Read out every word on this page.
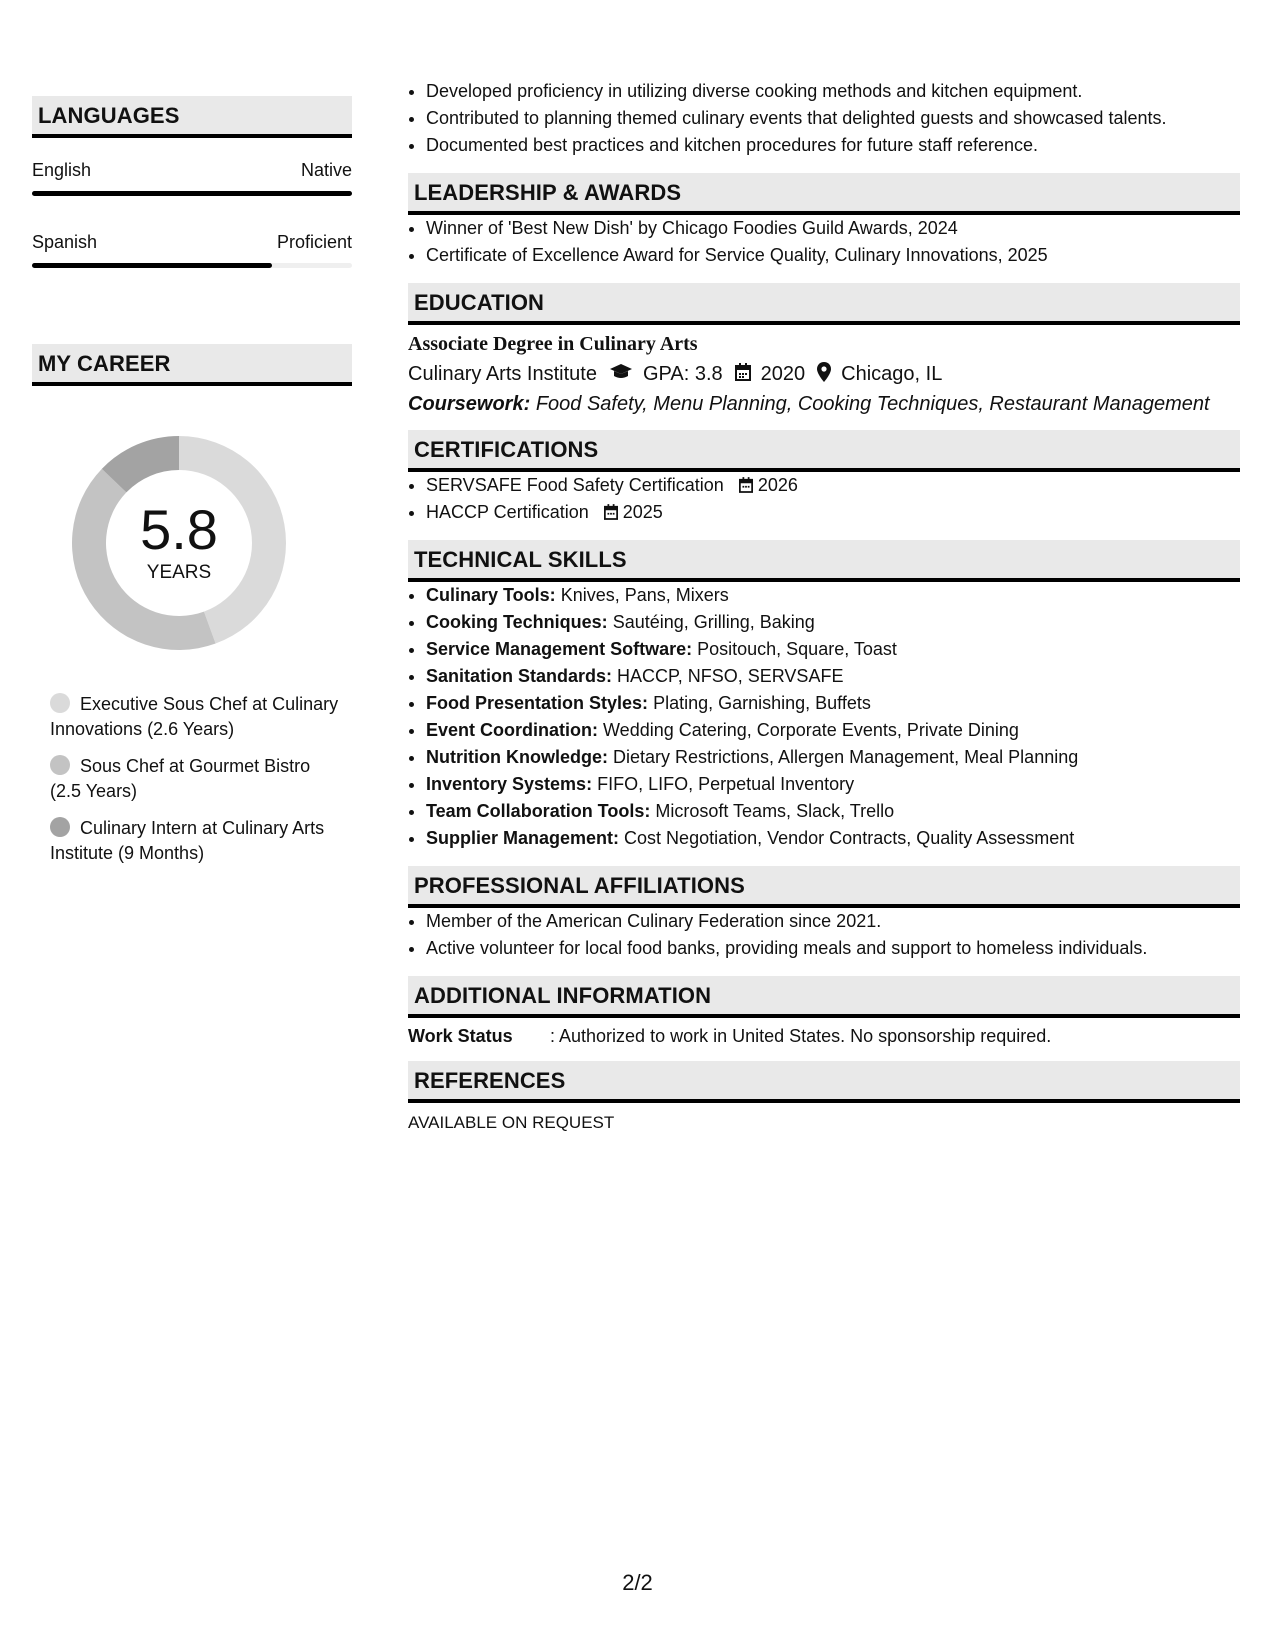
LANGUAGES
English	Native
Spanish	Proficient
MY CAREER
5.8
YEARS
Executive Sous Chef at Culinary Innovations (2.6 Years)
Sous Chef at Gourmet Bistro (2.5 Years)
Culinary Intern at Culinary Arts Institute (9 Months)
• Developed proficiency in utilizing diverse cooking methods and kitchen equipment.
• Contributed to planning themed culinary events that delighted guests and showcased talents.
• Documented best practices and kitchen procedures for future staff reference.
LEADERSHIP & AWARDS
• Winner of 'Best New Dish' by Chicago Foodies Guild Awards, 2024
• Certificate of Excellence Award for Service Quality, Culinary Innovations, 2025
EDUCATION
Associate Degree in Culinary Arts
Culinary Arts Institute GPA: 3.8 2020 Chicago, IL
Coursework: Food Safety, Menu Planning, Cooking Techniques, Restaurant Management
CERTIFICATIONS
• SERVSAFE Food Safety Certification 2026
• HACCP Certification 2025
TECHNICAL SKILLS
• Culinary Tools: Knives, Pans, Mixers
• Cooking Techniques: Sautéing, Grilling, Baking
• Service Management Software: Positouch, Square, Toast
• Sanitation Standards: HACCP, NFSO, SERVSAFE
• Food Presentation Styles: Plating, Garnishing, Buffets
• Event Coordination: Wedding Catering, Corporate Events, Private Dining
• Nutrition Knowledge: Dietary Restrictions, Allergen Management, Meal Planning
• Inventory Systems: FIFO, LIFO, Perpetual Inventory
• Team Collaboration Tools: Microsoft Teams, Slack, Trello
• Supplier Management: Cost Negotiation, Vendor Contracts, Quality Assessment
PROFESSIONAL AFFILIATIONS
• Member of the American Culinary Federation since 2021.
• Active volunteer for local food banks, providing meals and support to homeless individuals.
ADDITIONAL INFORMATION
Work Status	: Authorized to work in United States. No sponsorship required.
REFERENCES
AVAILABLE ON REQUEST
2/2
